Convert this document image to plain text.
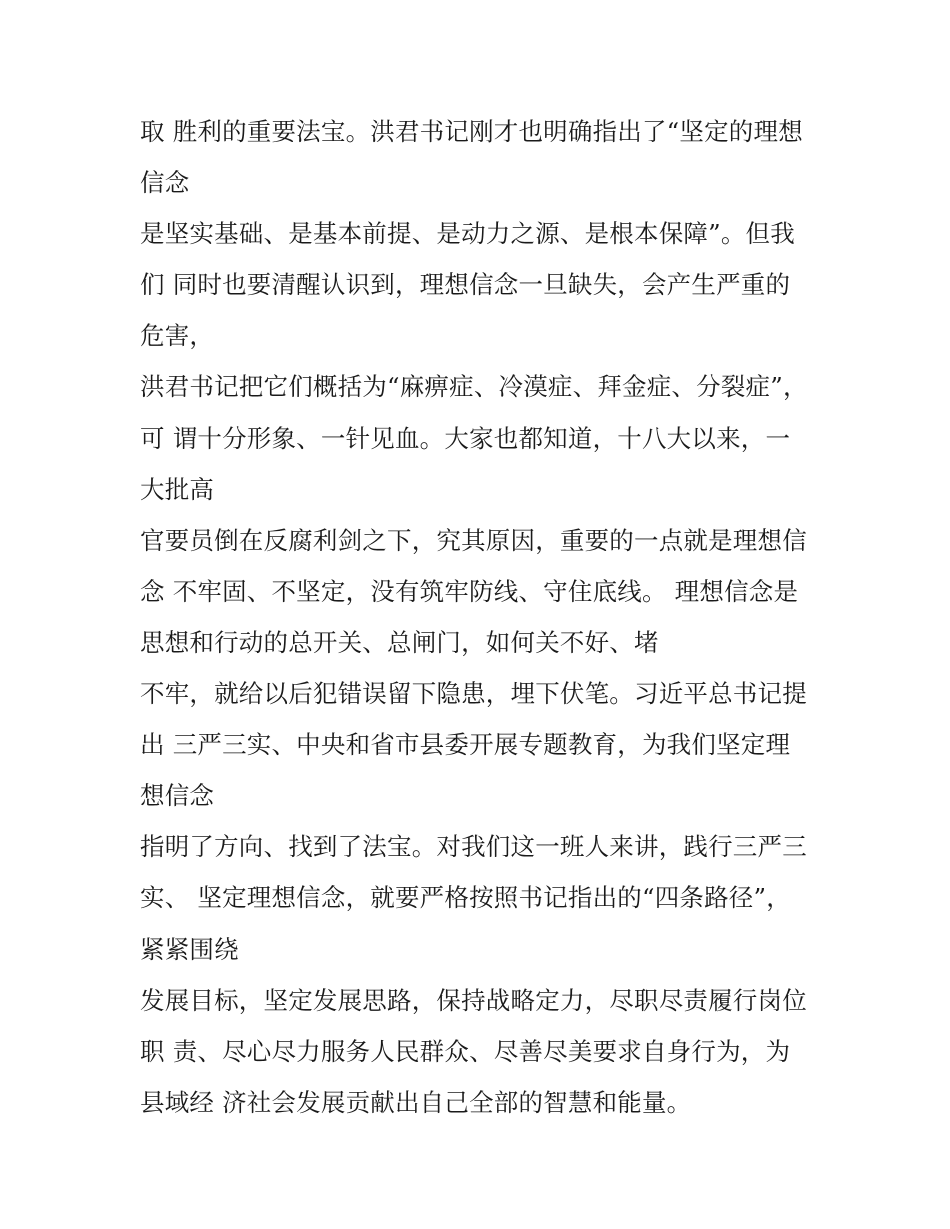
取 胜利的重要法宝。洪君书记刚才也明确指出了“坚定的理想
信念
是坚实基础、是基本前提、是动力之源、是根本保障”。但我
们 同时也要清醒认识到，理想信念一旦缺失，会产生严重的
危害，
洪君书记把它们概括为“麻痹症、冷漠症、拜金症、分裂症”，
可 谓十分形象、一针见血。大家也都知道，十八大以来，一
大批高
官要员倒在反腐利剑之下，究其原因，重要的一点就是理想信
念 不牢固、不坚定，没有筑牢防线、守住底线。 理想信念是
思想和行动的总开关、总闸门，如何关不好、堵
不牢，就给以后犯错误留下隐患，埋下伏笔。习近平总书记提
出 三严三实、中央和省市县委开展专题教育，为我们坚定理
想信念
指明了方向、找到了法宝。对我们这一班人来讲，践行三严三
实、 坚定理想信念，就要严格按照书记指出的“四条路径”，
紧紧围绕
发展目标，坚定发展思路，保持战略定力，尽职尽责履行岗位
职 责、尽心尽力服务人民群众、尽善尽美要求自身行为，为
县域经 济社会发展贡献出自己全部的智慧和能量。
